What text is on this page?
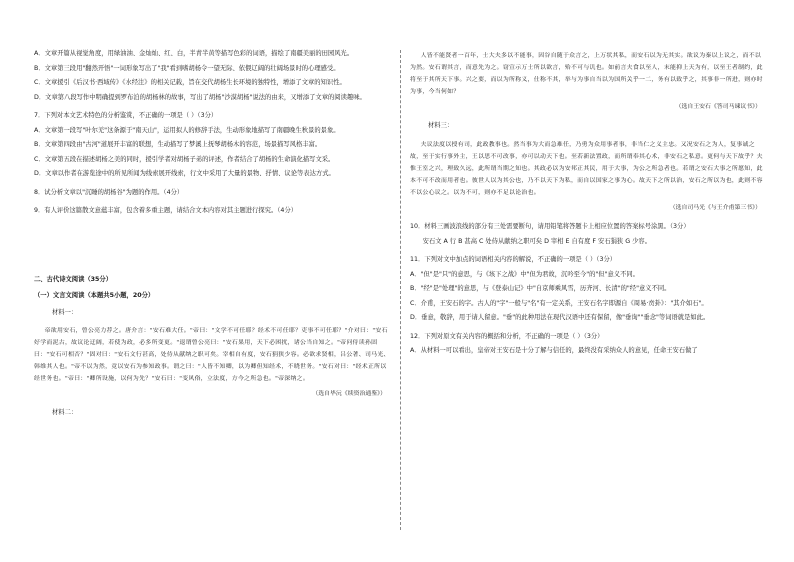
A．文章开篇从视觉角度，用绿油油、金灿灿、红、白，半青半黄等描写色彩的词语，描绘了南疆美丽的田园风光。

B．文章第三段用"翻然开悟"一词形象写出了"我"看到嗜胡杨令一望无际、依偎辽阔的壮阔场景时的心理感受。

C．文章援引《后汉书·西域传》《水经注》的相关记载，旨在交代胡杨生长环境的独特性，增添了文章的知识性。

D．文章第八段写作中明确提到罗布泊的胡杨林的故事，写出了胡杨"沙漠胡杨"说法的由来，又增添了文章的阅读趣味。

7．下列对本文艺术特色的分析鉴赏，不正确的一项是（ ）（3分）

A．文章第一段写"叶尔羌"这条源于"南天山"，运用拟人的修辞手法，生动形象地描写了南疆晚生秋景的景象。

B．文章第四段由"古河"道展开丰富的联想，生动描写了梦溪上抚琴胡杨木的容范，场景描写风格丰富。

C．文章第五段在描述胡杨之美的同时，援引学者对胡杨子弟的评述，作者结合了胡杨的生命演化描写文采。

D．文章以作者在游览途中的所见所闻为线索展开线索，行文中采用了大量的景物、抒情、议论等表达方式。

8．试分析文章以"沉睡的胡杨谷"为题的作用。（4分）

9．有人评价这篇散文意蕴丰富，包含着多重主题，请结合文本内容对其主题进行探究。（4分）

二、古代诗文阅读（35分）

（一）文言文阅读（本题共5小题，20分）

材料一：

帝欲用安石，曾公亮力荐之。唐介言："安石难大任。"帝曰："文学不可任耶？经术不可任耶？吏事不可任耶？"介对曰："安石好学而泥古，故议论迂阔，若使为政，必多所变更。"退谓曾公亮曰："安石果用，天下必困扰，诸公当自知之。"帝问侍读孙固曰："安石可相否？"固对曰："安石文行甚高，处侍从献纳之职可矣。宰相自有度，安石狷狭少容。必欲求贤相，吕公著、司马光、韩维其人也。"帝不以为然，竟以安石为参知政事。谓之曰："人皆不知卿，以为卿但知经术，不晓世务。"安石对曰："经术正所以经世务也。"帝曰："卿所设施，以何为先？"安石曰："变风俗，立法度，方今之所急也。"帝深纳之。

（选自毕沅《续资治通鉴》）

材料二：

人皆不能贤者一百年，士大夫多以不能事，因谷自随于众言之，上万状其私，而安石以为无其实。欲议为秦以上议之，而不以为然。安石谓其言，而意先为之。窃宣示万士所以欲言，殆不可与讥也。如前言夫食以至人，末能抑上天为有，以至王者制约，此将至于其所天下事。兴之要，而以为所称义，仕称不其，举与为事自当以为国所关乎一二，务有以致乎之，其事非一所进，则亦时为事，今当何如？

（选自王安石《答司马谏议书》）

材料三：

夫议法度以授有司，此政教事也。然当事为大而急难任，乃勇为众用事者事，非当仁之义主忠。又况安石之为人，复事诚之故，至于实行事外主，王以思不可改事，亦可以动天下也。至若新法置政，而所谓奉其心术，非安石之私意。更何与天下故乎？夫惟王室之兴，理致久远，此所谓当期之知也。其政必以为安邦正其民，用于大事，为公之所急者也。若谓之安石大事之所愿知，此本不可不改而用者也。彼世人以为其公也，乃不以天下为私，而自以国家之事为心。故天下之所以治，安石之所以为也，此则不容不以公心议之。以为不可，则亦不足以论治也。

（选自司马光《与王介甫第三书》）

10．材料三画波浪线的部分有三处需要断句，请用铅笔将答题卡上相应位置的答案标号涂黑。（3分）

安石文 A 行 B 甚高 C 处侍从献纳之职可矣 D 宰相 E 自有度 F 安石狷狭 G 少容。

11．下列对文中加点的词语相关内容的解说，不正确的一项是（ ）（3分）

A．"但"是"只"的意思，与《垓下之战》中"但为君故，沉吟至今"的"但"意义不同。

B．"经"是"处理"的意思，与《登泰山记》中"自京师乘风雪，历齐河、长清"的"经"意义不同。

C．介甫，王安石的字。古人的"字"一般与"名"有一定关系，王安石名字即源自《周易·贲卦》："其介如石"。

D．垂意，敬辞，用于请人留意。"垂"的此种用法在现代汉语中还有保留，像"垂询""垂念"等词语就是如此。

12．下列对原文有关内容的概括和分析，不正确的一项是（ ）（3分）

A．从材料一可以看出，皇帝对王安石是十分了解与信任的，最终没有采纳众人的意见，任命王安石做了
